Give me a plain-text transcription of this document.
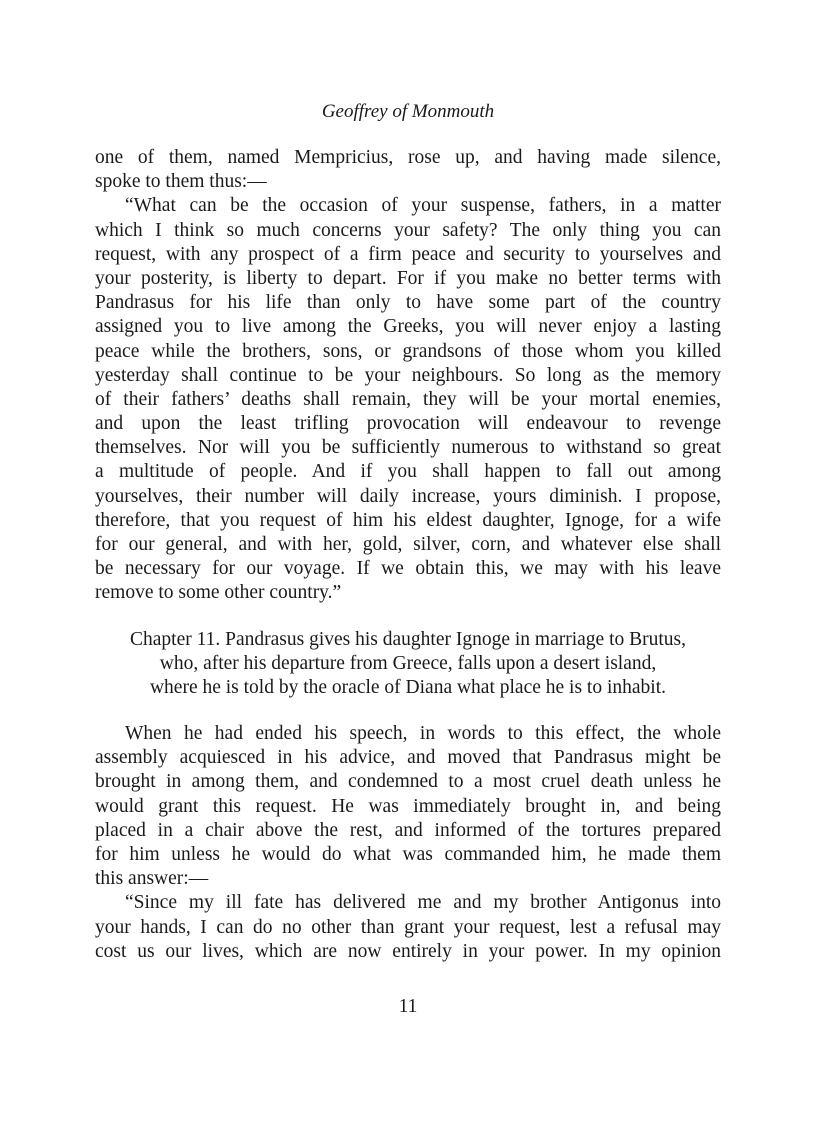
Geoffrey of Monmouth
one of them, named Mempricius, rose up, and having made silence,
spoke to them thus:—
“What can be the occasion of your suspense, fathers, in a matter
which I think so much concerns your safety? The only thing you can
request, with any prospect of a firm peace and security to yourselves and
your posterity, is liberty to depart. For if you make no better terms with
Pandrasus for his life than only to have some part of the country
assigned you to live among the Greeks, you will never enjoy a lasting
peace while the brothers, sons, or grandsons of those whom you killed
yesterday shall continue to be your neighbours. So long as the memory
of their fathers’ deaths shall remain, they will be your mortal enemies,
and upon the least trifling provocation will endeavour to revenge
themselves. Nor will you be sufficiently numerous to withstand so great
a multitude of people. And if you shall happen to fall out among
yourselves, their number will daily increase, yours diminish. I propose,
therefore, that you request of him his eldest daughter, Ignoge, for a wife
for our general, and with her, gold, silver, corn, and whatever else shall
be necessary for our voyage. If we obtain this, we may with his leave
remove to some other country.”
Chapter 11. Pandrasus gives his daughter Ignoge in marriage to Brutus,
who, after his departure from Greece, falls upon a desert island,
where he is told by the oracle of Diana what place he is to inhabit.
When he had ended his speech, in words to this effect, the whole
assembly acquiesced in his advice, and moved that Pandrasus might be
brought in among them, and condemned to a most cruel death unless he
would grant this request. He was immediately brought in, and being
placed in a chair above the rest, and informed of the tortures prepared
for him unless he would do what was commanded him, he made them
this answer:—
“Since my ill fate has delivered me and my brother Antigonus into
your hands, I can do no other than grant your request, lest a refusal may
cost us our lives, which are now entirely in your power. In my opinion
11
